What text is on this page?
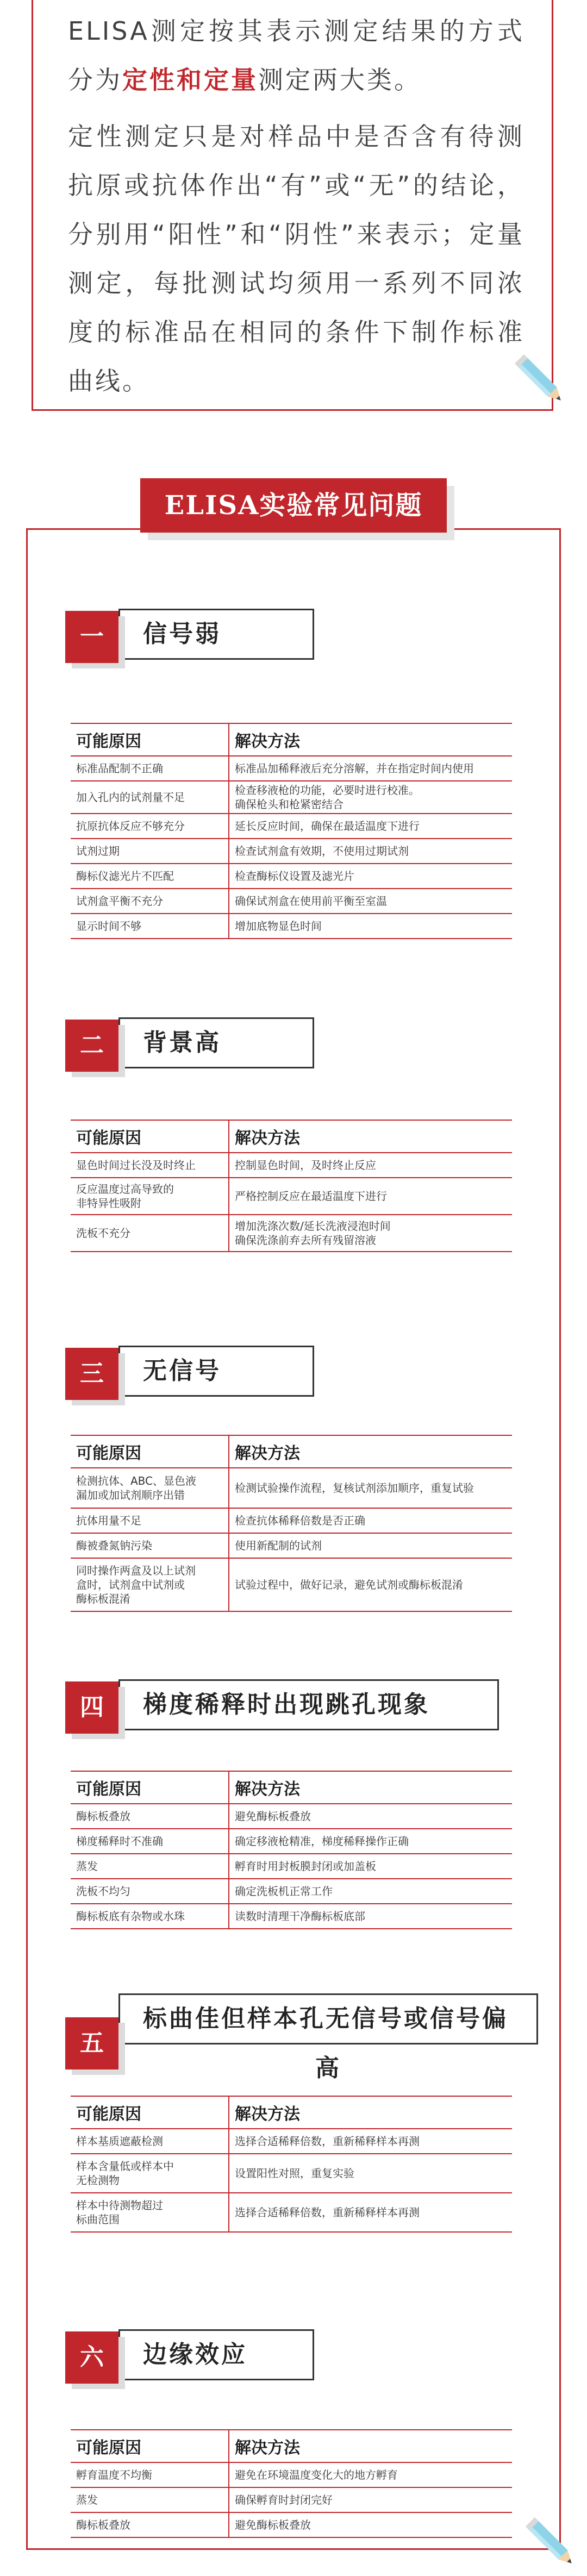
ELISA测定按其表示测定结果的方式分为定性和定量测定两大类。

定性测定只是对样品中是否含有待测抗原或抗体作出“有”或“无”的结论，分别用“阳性”和“阴性”来表示；定量测定，每批测试均须用一系列不同浓度的标准品在相同的条件下制作标准曲线。

ELISA实验常见问题
信号弱
一
可能原因	解决方法
标准品配制不正确	标准品加稀释液后充分溶解，并在指定时间内使用
加入孔内的试剂量不足	检查移液枪的功能，必要时进行校准。
确保枪头和枪紧密结合
抗原抗体反应不够充分	延长反应时间，确保在最适温度下进行
试剂过期	检查试剂盒有效期，不使用过期试剂
酶标仪滤光片不匹配	检查酶标仪设置及滤光片
试剂盒平衡不充分	确保试剂盒在使用前平衡至室温
显示时间不够	增加底物显色时间
背景高
二
可能原因	解决方法
显色时间过长没及时终止	控制显色时间，及时终止反应
反应温度过高导致的
非特异性吸附	严格控制反应在最适温度下进行
洗板不充分	增加洗涤次数/延长洗液浸泡时间
确保洗涤前弃去所有残留溶液
无信号
三
可能原因	解决方法
检测抗体、ABC、显色液
漏加或加试剂顺序出错	检测试验操作流程，复核试剂添加顺序，重复试验
抗体用量不足	检查抗体稀释倍数是否正确
酶被叠氮钠污染	使用新配制的试剂
同时操作两盒及以上试剂
盒时，试剂盒中试剂或
酶标板混淆	试验过程中，做好记录，避免试剂或酶标板混淆
梯度稀释时出现跳孔现象
四
可能原因	解决方法
酶标板叠放	避免酶标板叠放
梯度稀释时不准确	确定移液枪精准，梯度稀释操作正确
蒸发	孵育时用封板膜封闭或加盖板
洗板不均匀	确定洗板机正常工作
酶标板底有杂物或水珠	读数时清理干净酶标板底部
标曲佳但样本孔无信号或信号偏
五
高
可能原因	解决方法
样本基质遮蔽检测	选择合适稀释倍数，重新稀释样本再测
样本含量低或样本中
无检测物	设置阳性对照，重复实验
样本中待测物超过
标曲范围	选择合适稀释倍数，重新稀释样本再测
边缘效应
六
可能原因	解决方法
孵育温度不均衡	避免在环境温度变化大的地方孵育
蒸发	确保孵育时封闭完好
酶标板叠放	避免酶标板叠放
